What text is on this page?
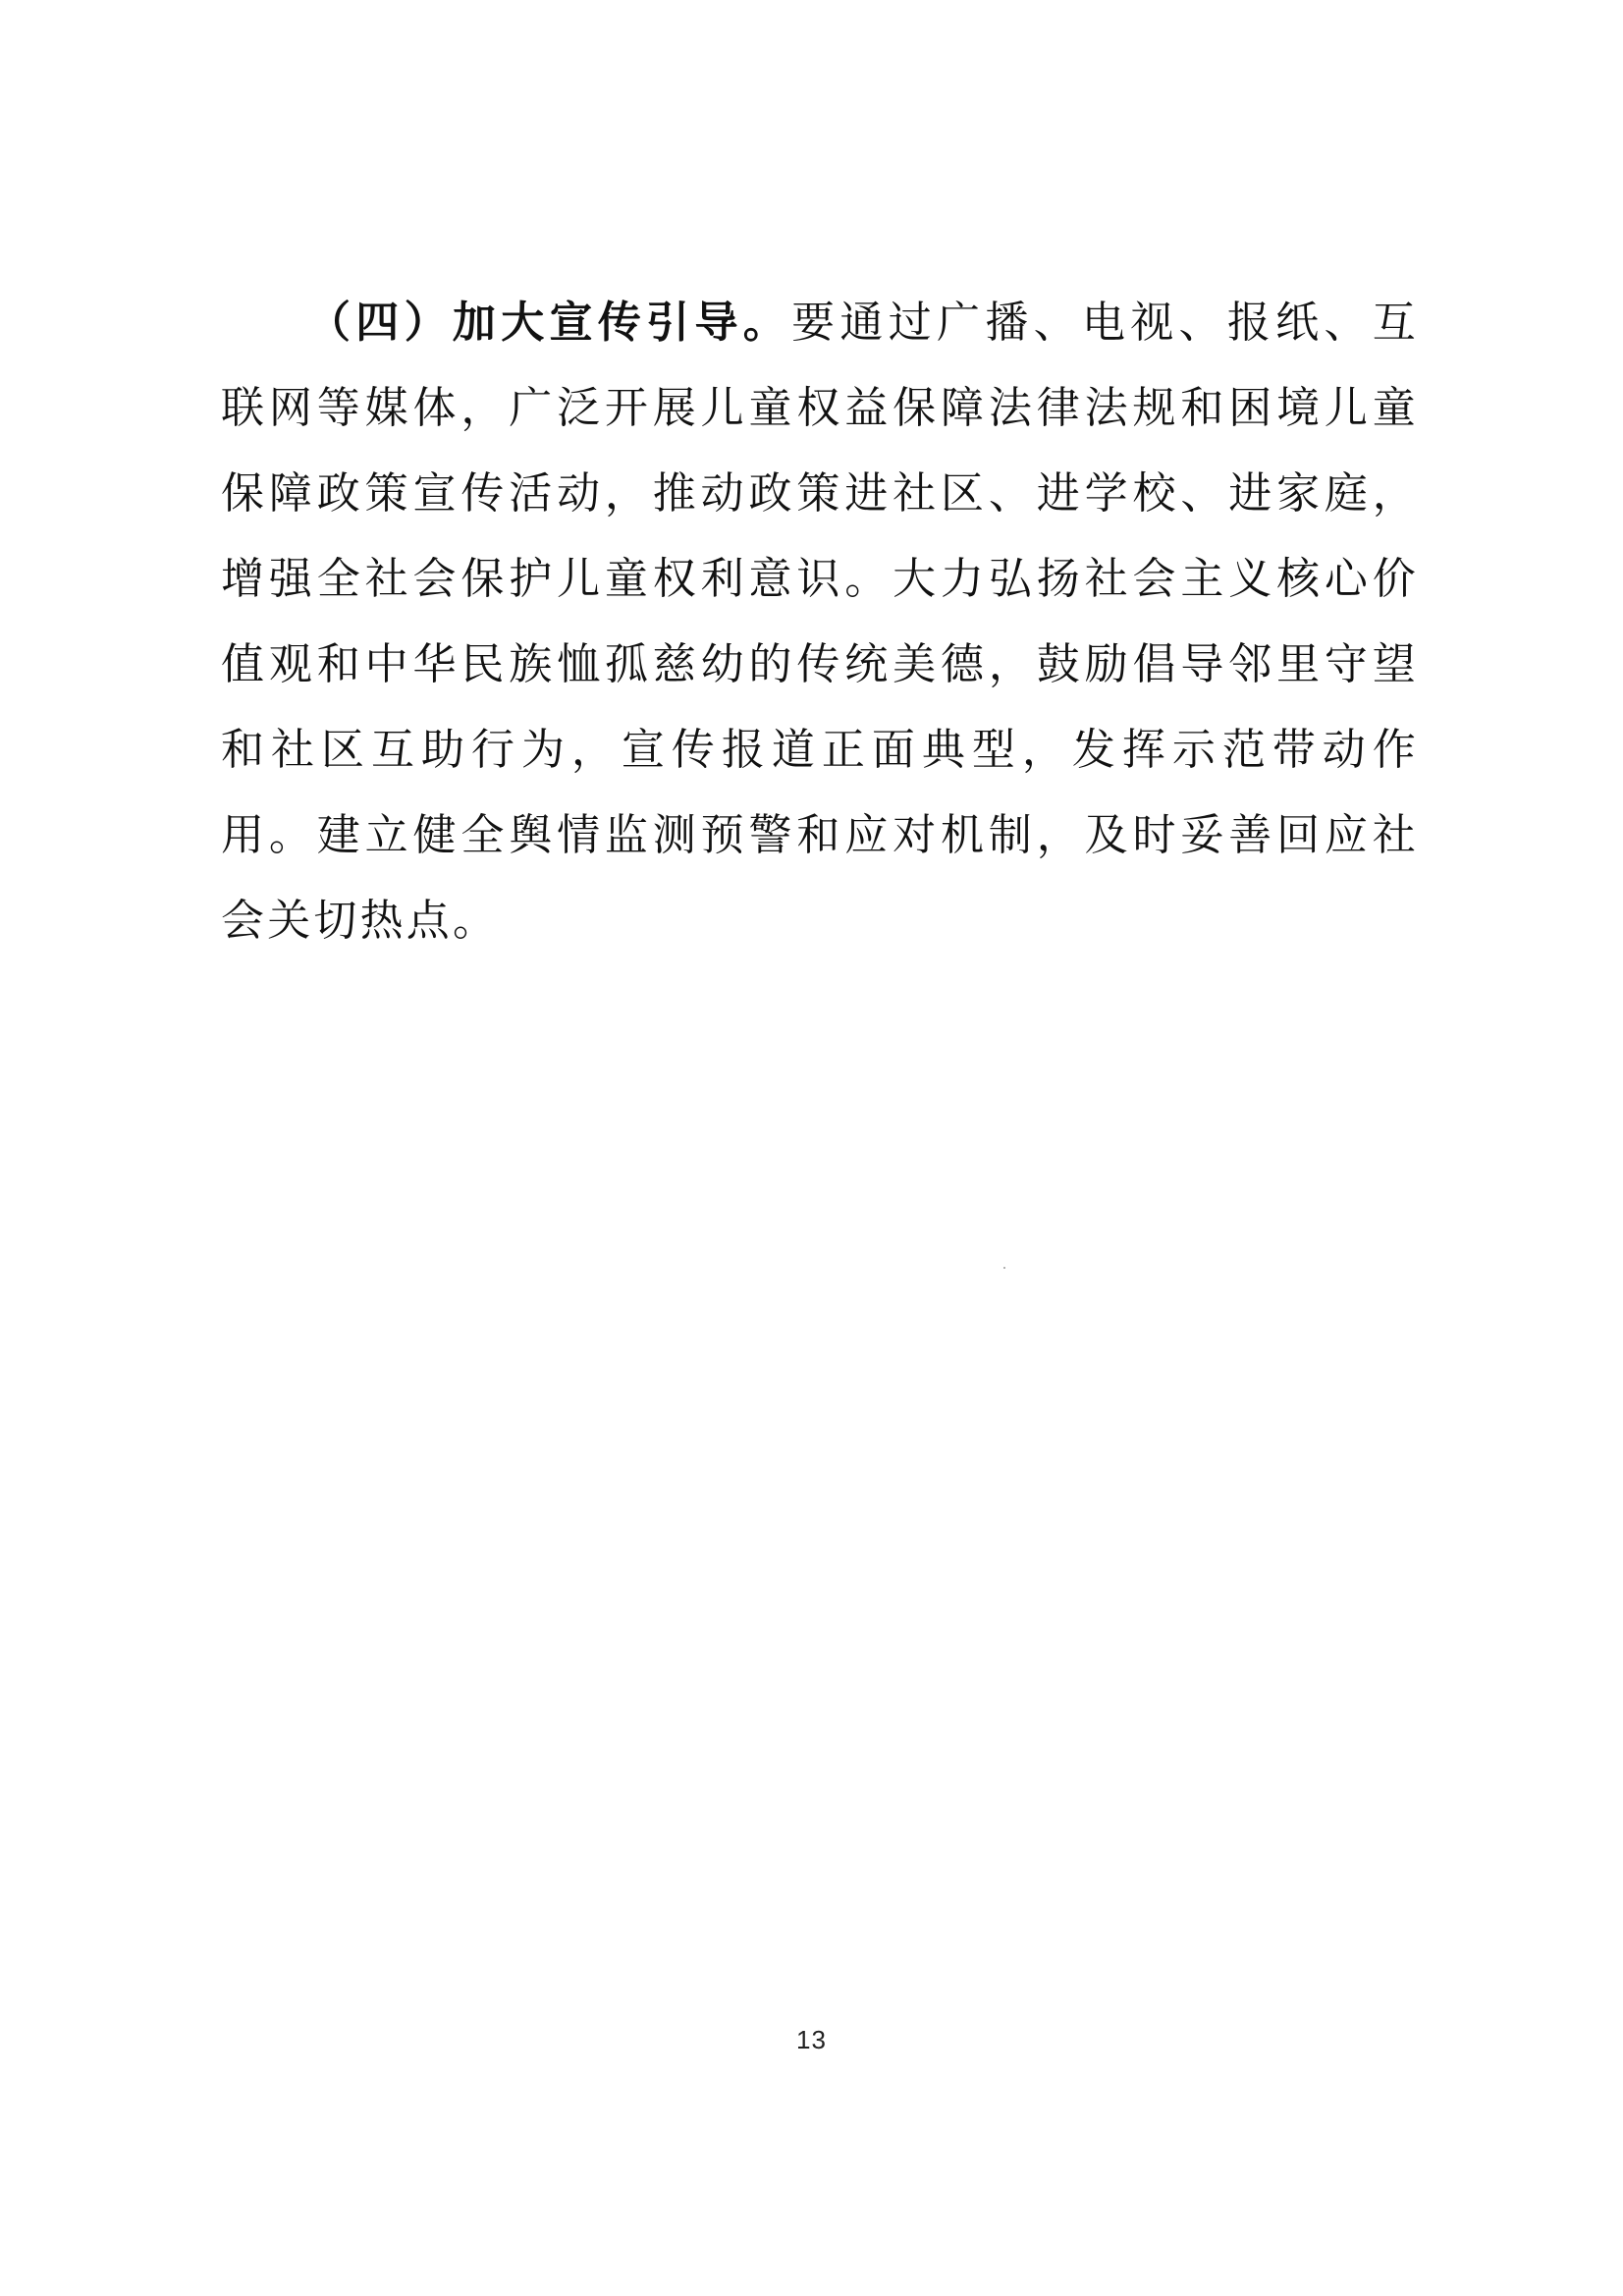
（四）加大宣传引导。要通过广播、电视、报纸、互联网等媒体，广泛开展儿童权益保障法律法规和困境儿童保障政策宣传活动，推动政策进社区、进学校、进家庭，增强全社会保护儿童权利意识。大力弘扬社会主义核心价值观和中华民族恤孤慈幼的传统美德，鼓励倡导邻里守望和社区互助行为，宣传报道正面典型，发挥示范带动作用。建立健全舆情监测预警和应对机制，及时妥善回应社会关切热点。

13
